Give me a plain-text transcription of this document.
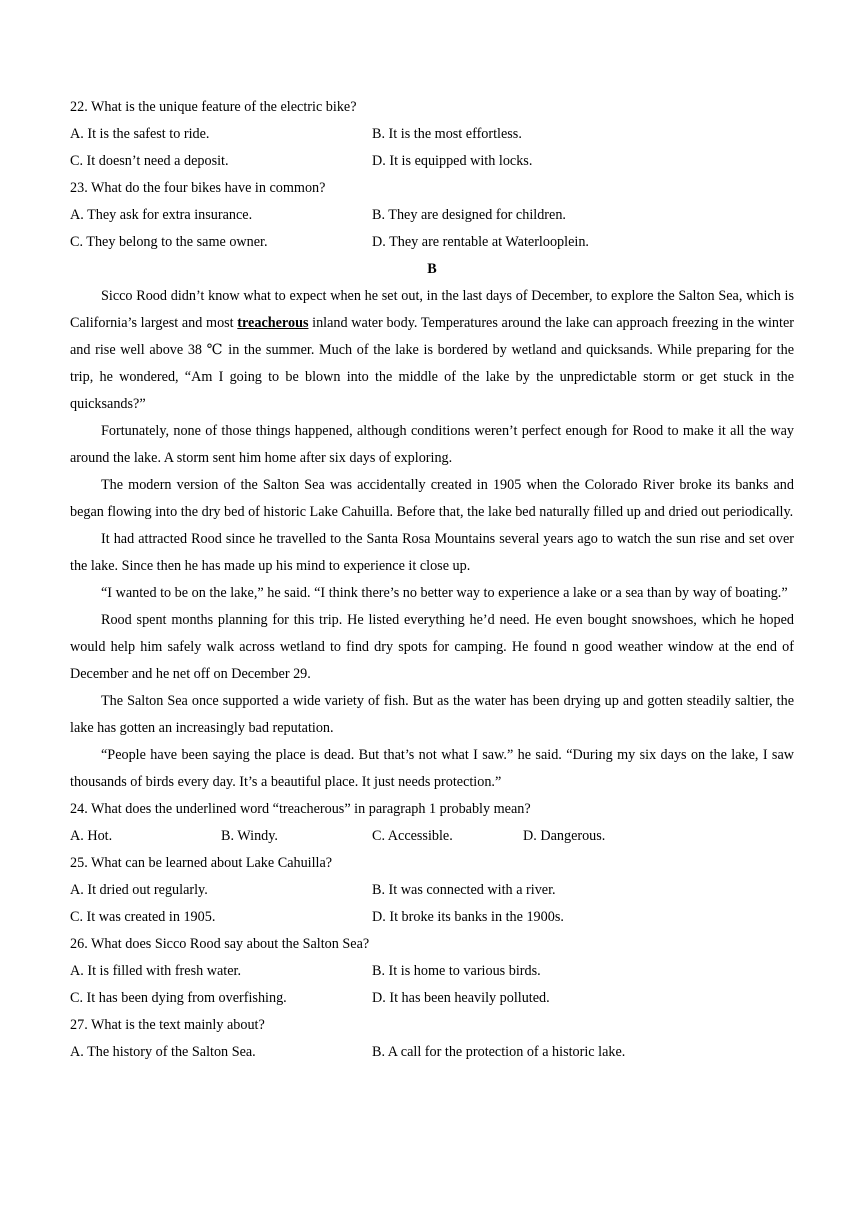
22. What is the unique feature of the electric bike?
A. It is the safest to ride.	B. It is the most effortless.
C. It doesn’t need a deposit.	D. It is equipped with locks.
23. What do the four bikes have in common?
A. They ask for extra insurance.	B. They are designed for children.
C. They belong to the same owner.	D. They are rentable at Waterlooplein.
B

Sicco Rood didn’t know what to expect when he set out, in the last days of December, to explore the Salton Sea, which is California’s largest and most treacherous inland water body. Temperatures around the lake can approach freezing in the winter and rise well above 38 ℃ in the summer. Much of the lake is bordered by wetland and quicksands. While preparing for the trip, he wondered, “Am I going to be blown into the middle of the lake by the unpredictable storm or get stuck in the quicksands?”

Fortunately, none of those things happened, although conditions weren’t perfect enough for Rood to make it all the way around the lake. A storm sent him home after six days of exploring.

The modern version of the Salton Sea was accidentally created in 1905 when the Colorado River broke its banks and began flowing into the dry bed of historic Lake Cahuilla. Before that, the lake bed naturally filled up and dried out periodically.

It had attracted Rood since he travelled to the Santa Rosa Mountains several years ago to watch the sun rise and set over the lake. Since then he has made up his mind to experience it close up.

“I wanted to be on the lake,” he said. “I think there’s no better way to experience a lake or a sea than by way of boating.”

Rood spent months planning for this trip. He listed everything he’d need. He even bought snowshoes, which he hoped would help him safely walk across wetland to find dry spots for camping. He found n good weather window at the end of December and he net off on December 29.

The Salton Sea once supported a wide variety of fish. But as the water has been drying up and gotten steadily saltier, the lake has gotten an increasingly bad reputation.

“People have been saying the place is dead. But that’s not what I saw.” he said. “During my six days on the lake, I saw thousands of birds every day. It’s a beautiful place. It just needs protection.”

24. What does the underlined word “treacherous” in paragraph 1 probably mean?
A. Hot.	B. Windy.	C. Accessible.	D. Dangerous.
25. What can be learned about Lake Cahuilla?
A. It dried out regularly.	B. It was connected with a river.
C. It was created in 1905.	D. It broke its banks in the 1900s.
26. What does Sicco Rood say about the Salton Sea?
A. It is filled with fresh water.	B. It is home to various birds.
C. It has been dying from overfishing.	D. It has been heavily polluted.
27. What is the text mainly about?
A. The history of the Salton Sea.	B. A call for the protection of a historic lake.
